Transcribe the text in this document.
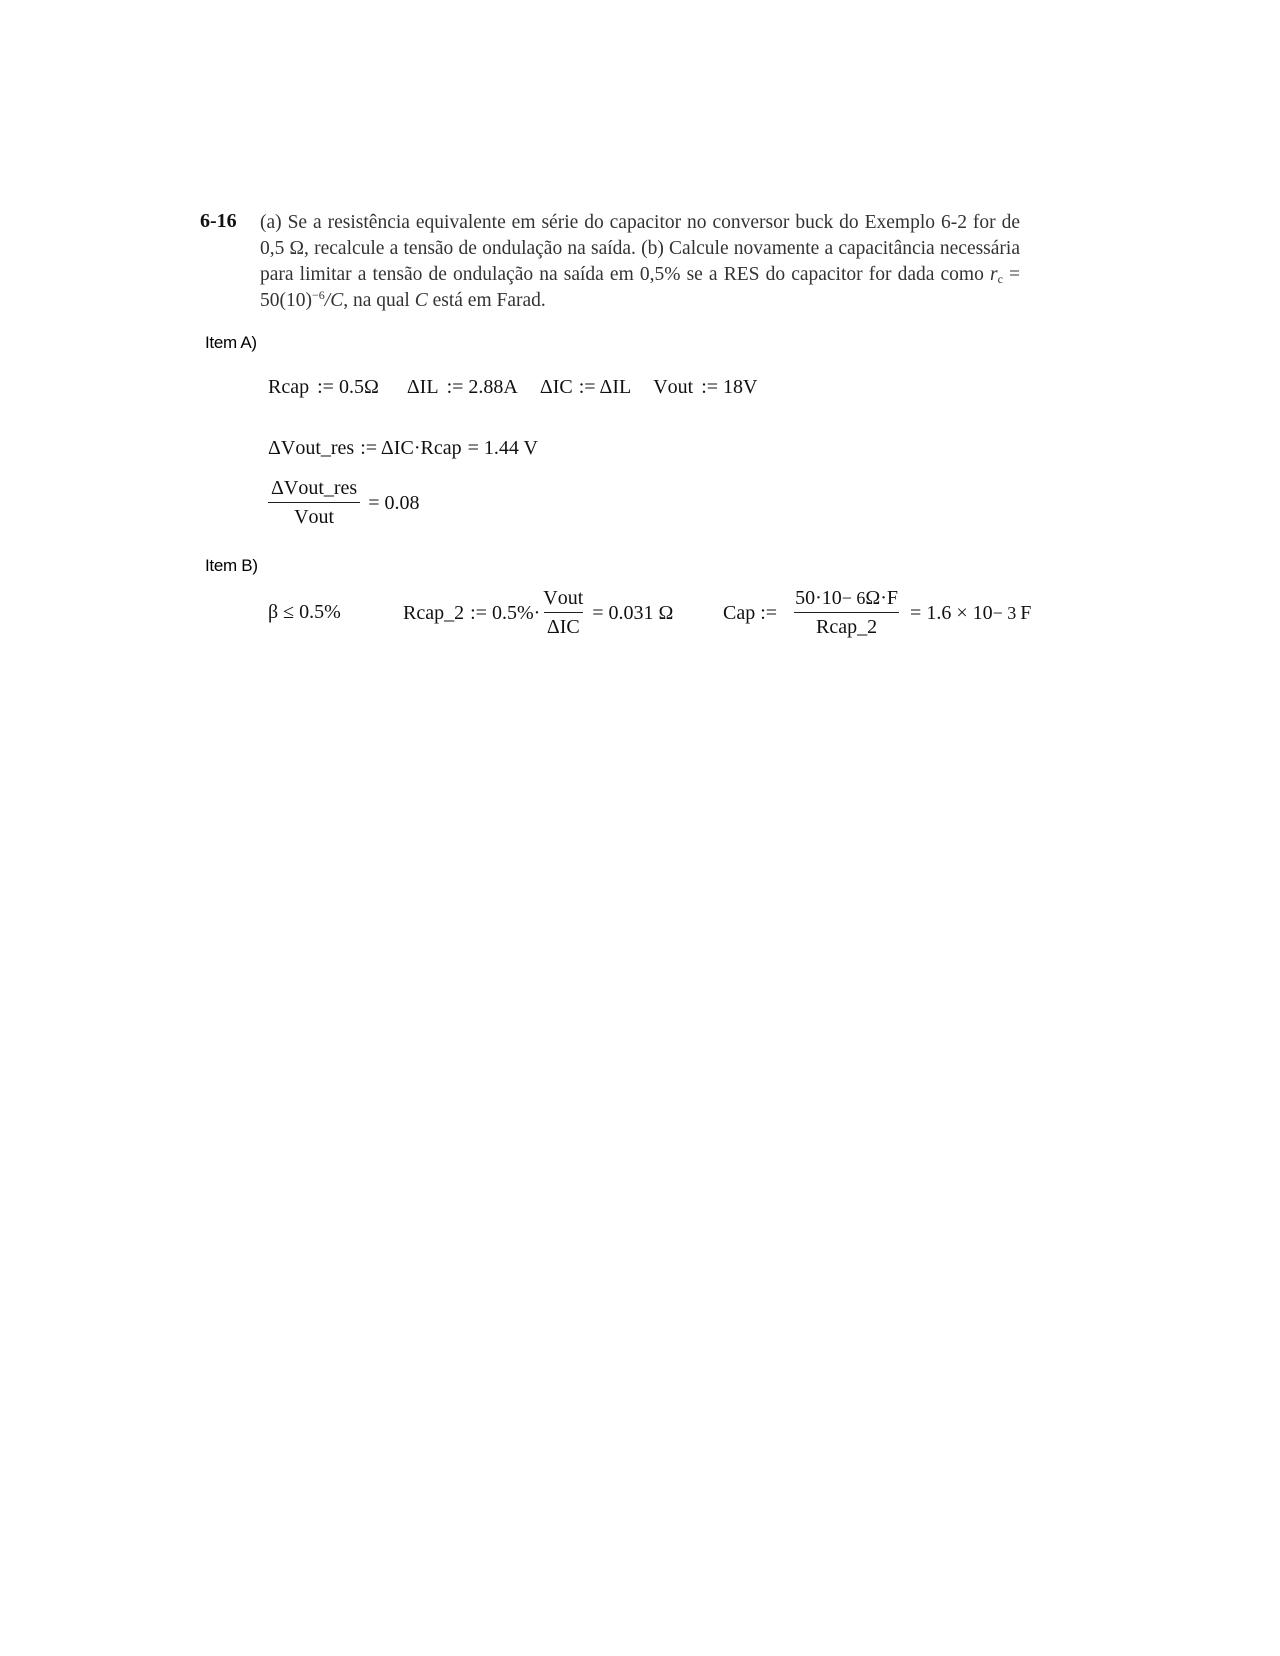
6-16 (a) Se a resistência equivalente em série do capacitor no conversor buck do Exemplo 6-2 for de 0,5 Ω, recalcule a tensão de ondulação na saída. (b) Calcule novamente a capacitância necessária para limitar a tensão de ondulação na saída em 0,5% se a RES do capacitor for dada como $r_c = 50(10)^{-6}/C$, na qual C está em Farad.
Item A)
R cap := 0.5Ω ΔI L := 2.88A ΔI C := ΔI L V out := 18V
ΔV out_res := ΔI C ·R cap = 1.44 V
$\frac{\text{ΔV out\_res}}{\text{V out}} = 0.08$
Item B)
β ≤ 0.5%	R cap_2 := $0.5\%\cdot \frac{\text{V out}}{\text{ΔI C}} = 0.031$ Ω Cap := $\frac{50\cdot 10 - 6 \Omega\cdot F}{\text{R cap\_2}} = 1.6 \times 10 - 3$ F
